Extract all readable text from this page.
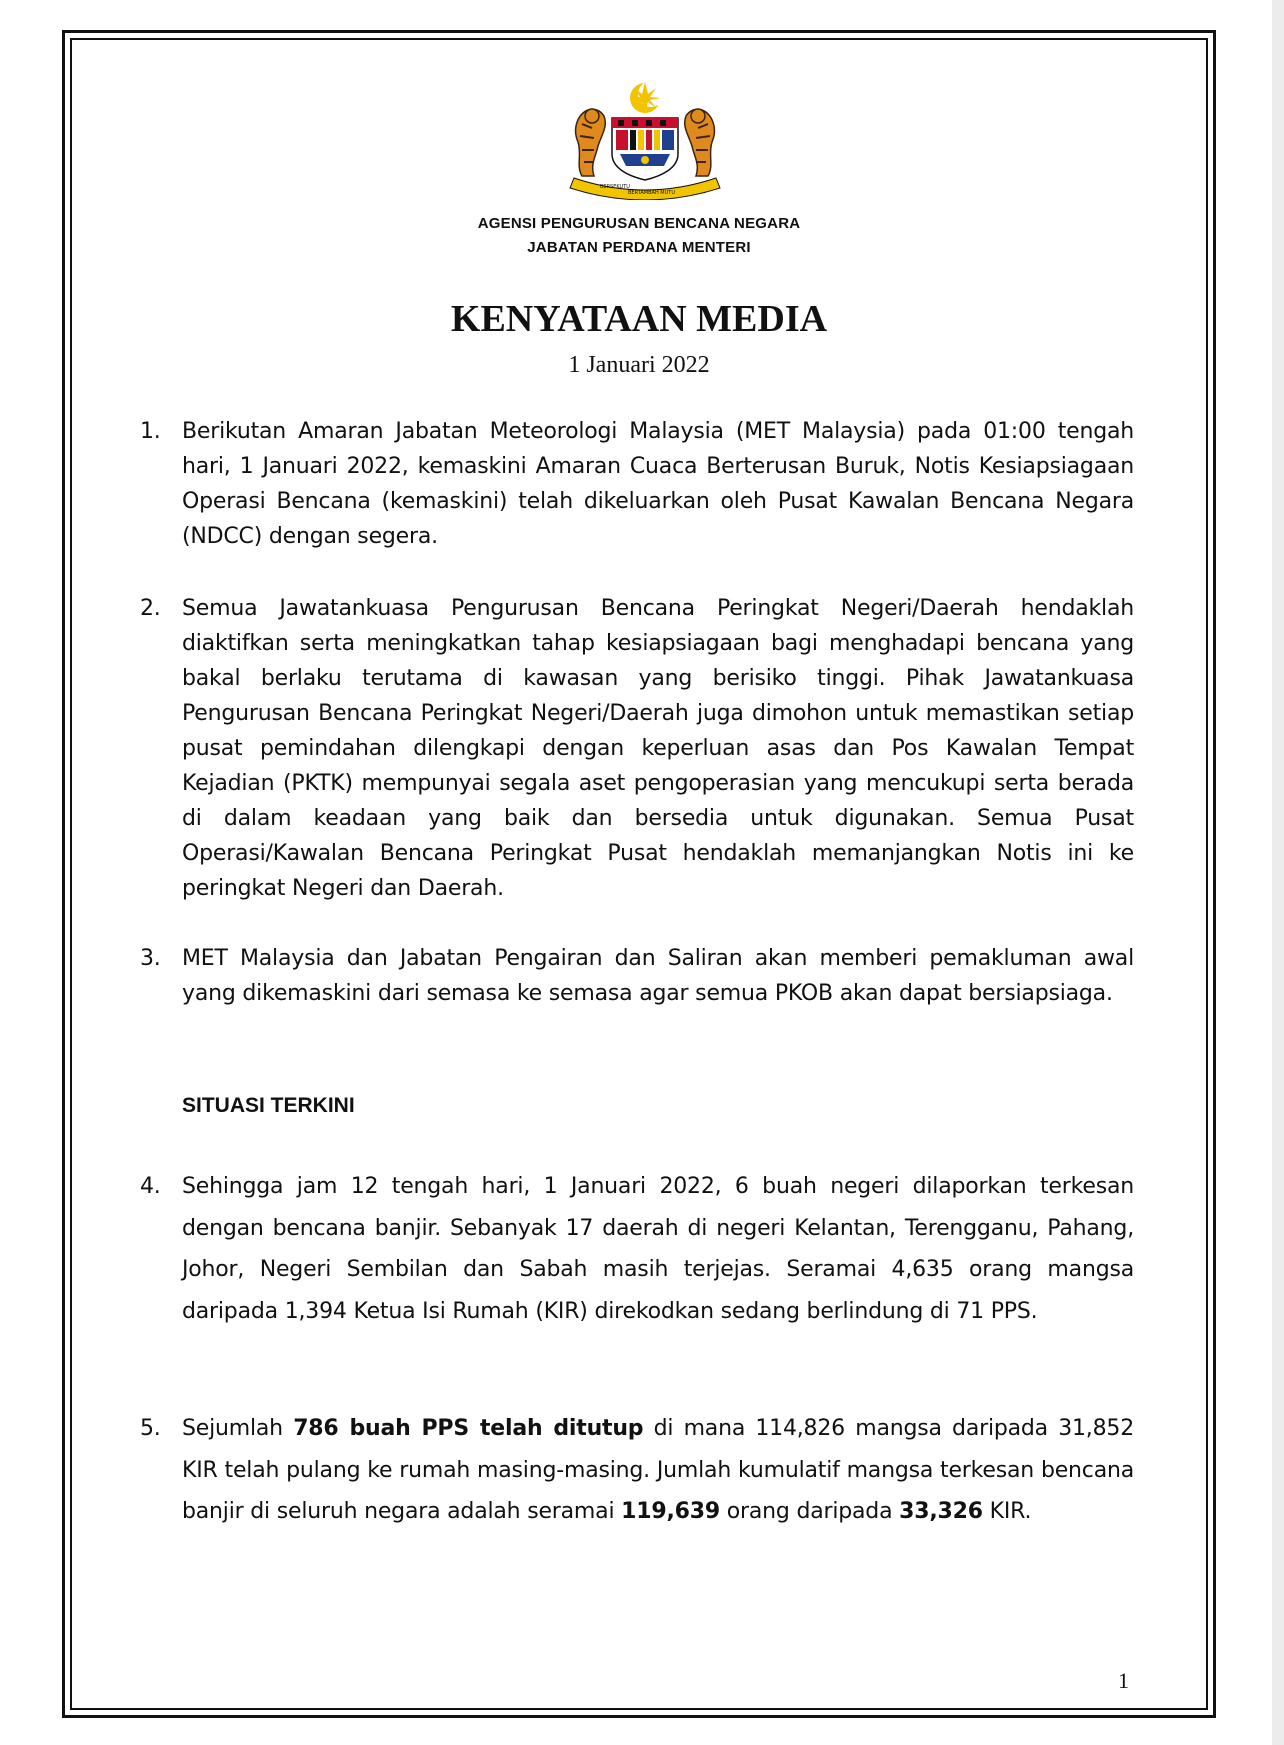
BERSEKUTU
BERTAMBAH MUTU
AGENSI PENGURUSAN BENCANA NEGARA
JABATAN PERDANA MENTERI
KENYATAAN MEDIA
1 Januari 2022
1. Berikutan Amaran Jabatan Meteorologi Malaysia (MET Malaysia) pada 01:00 tengah hari, 1 Januari 2022, kemaskini Amaran Cuaca Berterusan Buruk, Notis Kesiapsiagaan Operasi Bencana (kemaskini) telah dikeluarkan oleh Pusat Kawalan Bencana Negara (NDCC) dengan segera.
2. Semua Jawatankuasa Pengurusan Bencana Peringkat Negeri/Daerah hendaklah diaktifkan serta meningkatkan tahap kesiapsiagaan bagi menghadapi bencana yang bakal berlaku terutama di kawasan yang berisiko tinggi. Pihak Jawatankuasa Pengurusan Bencana Peringkat Negeri/Daerah juga dimohon untuk memastikan setiap pusat pemindahan dilengkapi dengan keperluan asas dan Pos Kawalan Tempat Kejadian (PKTK) mempunyai segala aset pengoperasian yang mencukupi serta berada di dalam keadaan yang baik dan bersedia untuk digunakan. Semua Pusat Operasi/Kawalan Bencana Peringkat Pusat hendaklah memanjangkan Notis ini ke peringkat Negeri dan Daerah.
3. MET Malaysia dan Jabatan Pengairan dan Saliran akan memberi pemakluman awal yang dikemaskini dari semasa ke semasa agar semua PKOB akan dapat bersiapsiaga.
SITUASI TERKINI
4. Sehingga jam 12 tengah hari, 1 Januari 2022, 6 buah negeri dilaporkan terkesan dengan bencana banjir. Sebanyak 17 daerah di negeri Kelantan, Terengganu, Pahang, Johor, Negeri Sembilan dan Sabah masih terjejas. Seramai 4,635 orang mangsa daripada 1,394 Ketua Isi Rumah (KIR) direkodkan sedang berlindung di 71 PPS.
5. Sejumlah 786 buah PPS telah ditutup di mana 114,826 mangsa daripada 31,852 KIR telah pulang ke rumah masing-masing. Jumlah kumulatif mangsa terkesan bencana banjir di seluruh negara adalah seramai 119,639 orang daripada 33,326 KIR.
1
